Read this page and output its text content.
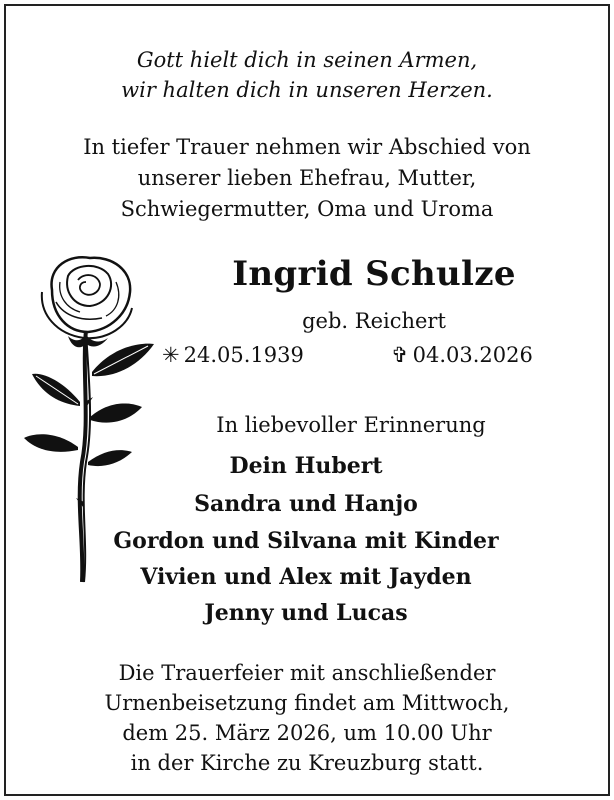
Gott hielt dich in seinen Armen,
wir halten dich in unseren Herzen.
In tiefer Trauer nehmen wir Abschied von
unserer lieben Ehefrau, Mutter,
Schwiegermutter, Oma und Uroma
Ingrid Schulze
geb. Reichert
✳ 24.05.1939	✞ 04.03.2026
In liebevoller Erinnerung
Dein Hubert
Sandra und Hanjo
Gordon und Silvana mit Kinder
Vivien und Alex mit Jayden
Jenny und Lucas
Die Trauerfeier mit anschließender
Urnenbeisetzung findet am Mittwoch,
dem 25. März 2026, um 10.00 Uhr
in der Kirche zu Kreuzburg statt.
